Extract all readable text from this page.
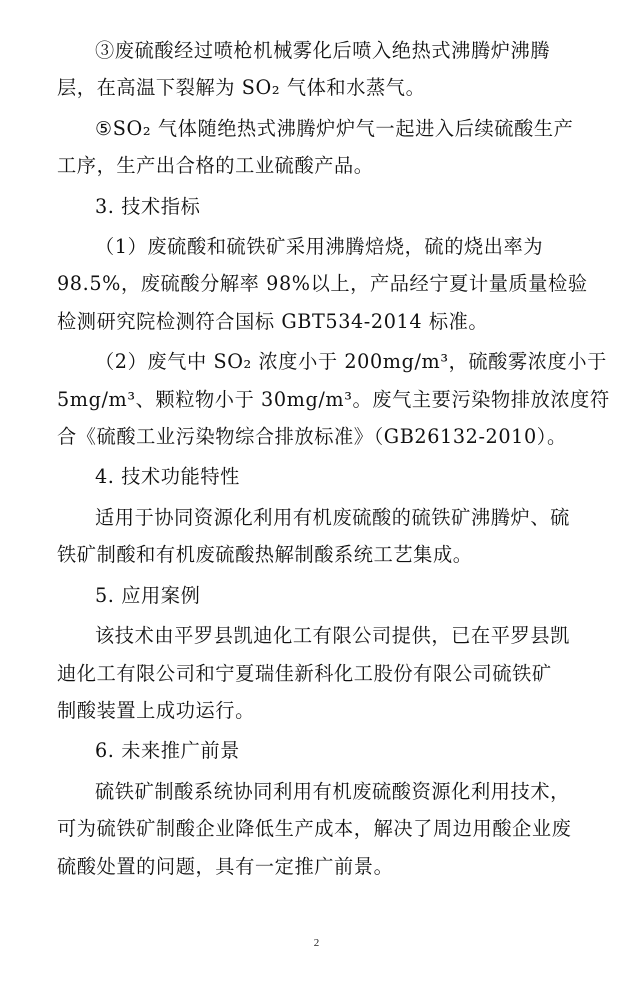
③废硫酸经过喷枪机械雾化后喷入绝热式沸腾炉沸腾
层，在高温下裂解为 SO₂ 气体和水蒸气。

⑤SO₂ 气体随绝热式沸腾炉炉气一起进入后续硫酸生产
工序，生产出合格的工业硫酸产品。

3. 技术指标

（1）废硫酸和硫铁矿采用沸腾焙烧，硫的烧出率为
98.5%，废硫酸分解率 98%以上，产品经宁夏计量质量检验
检测研究院检测符合国标 GBT534-2014 标准。

（2）废气中 SO₂ 浓度小于 200mg/m³，硫酸雾浓度小于
5mg/m³、颗粒物小于 30mg/m³。废气主要污染物排放浓度符
合《硫酸工业污染物综合排放标准》（GB26132-2010）。

4. 技术功能特性

适用于协同资源化利用有机废硫酸的硫铁矿沸腾炉、硫
铁矿制酸和有机废硫酸热解制酸系统工艺集成。

5. 应用案例

该技术由平罗县凯迪化工有限公司提供，已在平罗县凯
迪化工有限公司和宁夏瑞佳新科化工股份有限公司硫铁矿
制酸装置上成功运行。

6. 未来推广前景

硫铁矿制酸系统协同利用有机废硫酸资源化利用技术，
可为硫铁矿制酸企业降低生产成本，解决了周边用酸企业废
硫酸处置的问题，具有一定推广前景。

2
